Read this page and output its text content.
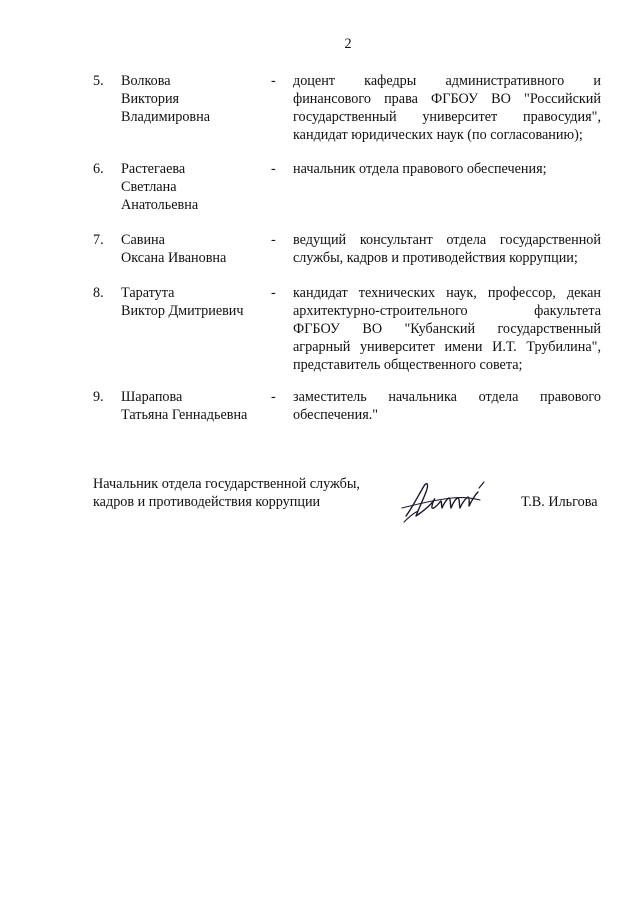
2
5. Волкова
Виктория
Владимировна
- доцент кафедры административного и
финансового права ФГБОУ ВО "Российский
государственный университет правосудия",
кандидат юридических наук (по согласованию);
6. Растегаева
Светлана
Анатольевна
- начальник отдела правового обеспечения;
7. Савина
Оксана Ивановна
- ведущий консультант отдела государственной
службы, кадров и противодействия коррупции;
8. Таратута
Виктор Дмитриевич
- кандидат технических наук, профессор, декан
архитектурно-строительного факультета
ФГБОУ ВО "Кубанский государственный
аграрный университет имени И.Т. Трубилина",
представитель общественного совета;
9. Шарапова
Татьяна Геннадьевна
- заместитель начальника отдела правового
обеспечения."
Начальник отдела государственной службы,
кадров и противодействия коррупции	Т.В. Ильгова
